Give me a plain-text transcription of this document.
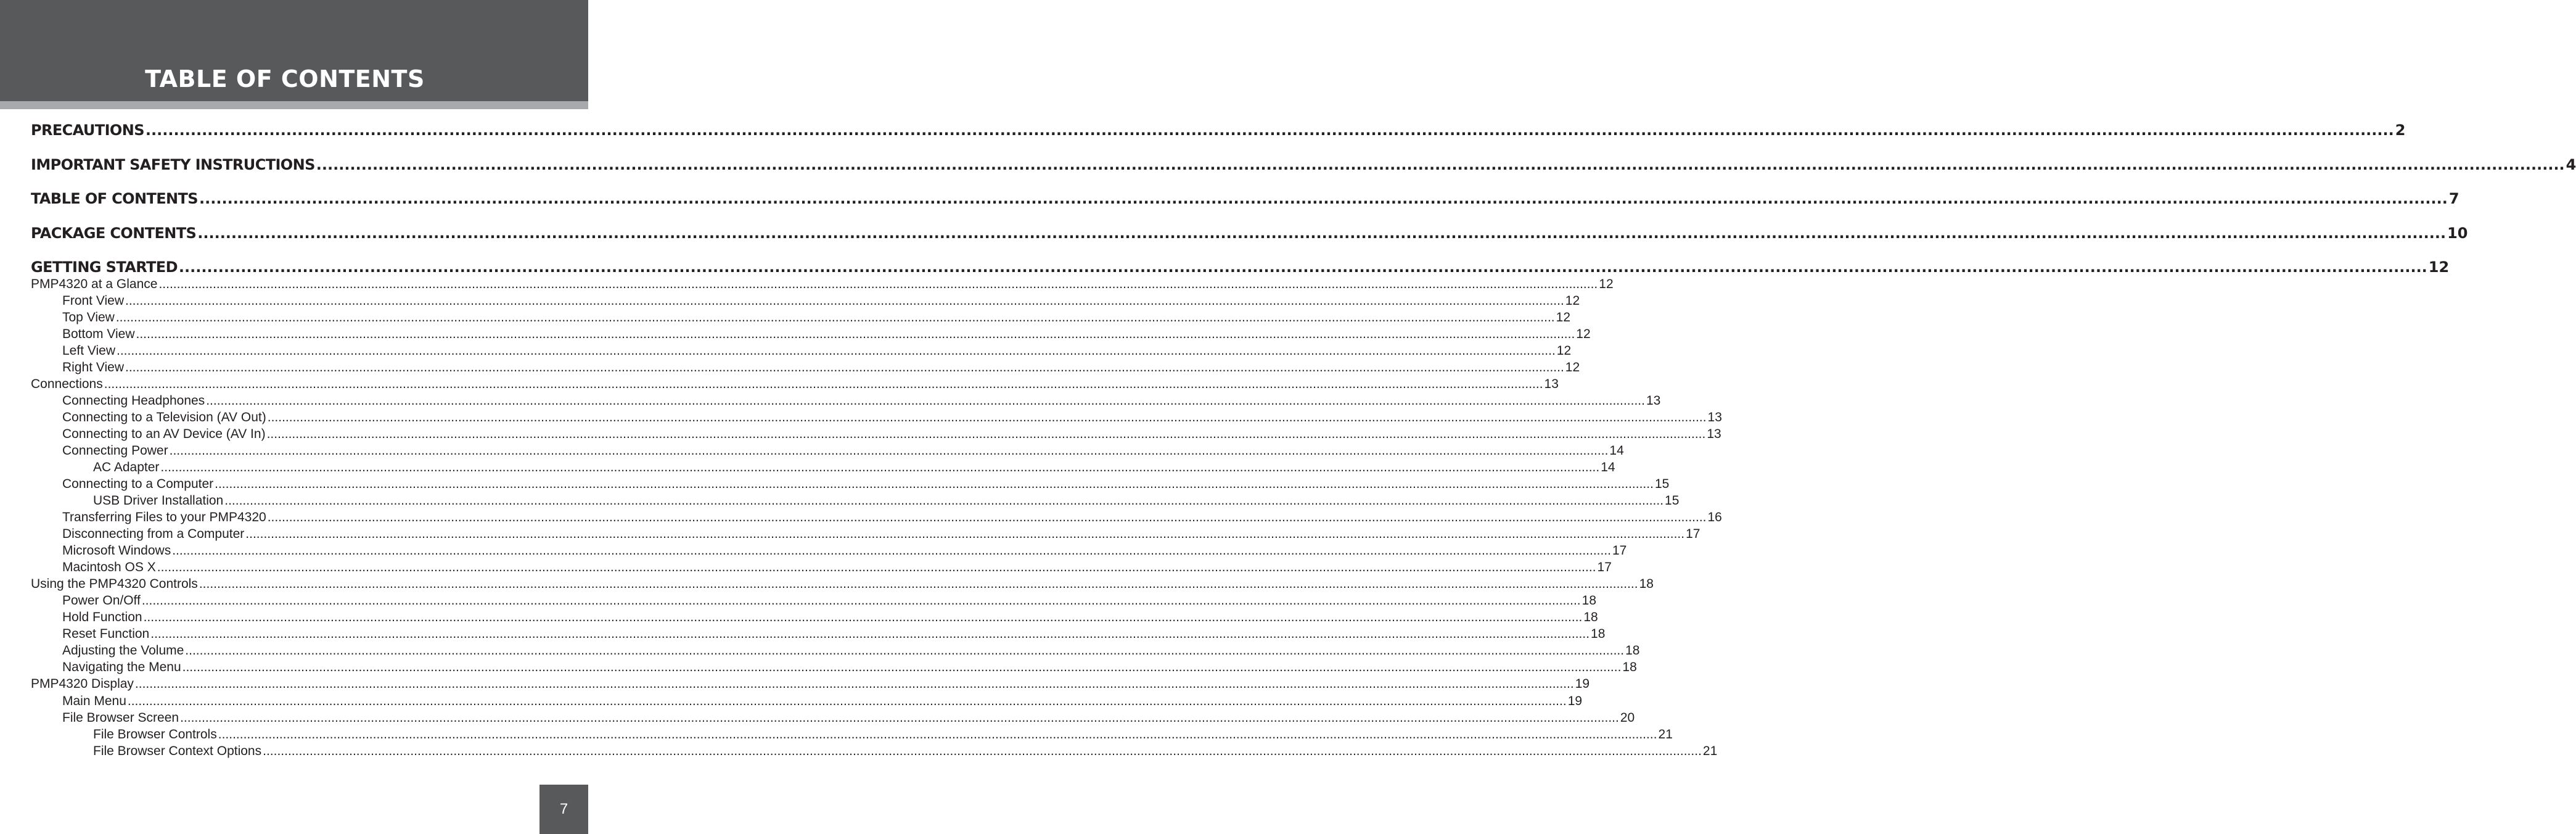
TABLE OF CONTENTS
PRECAUTIONS ................................................................................................................................................................................................................................................................................................................................................................................................................ 2
IMPORTANT SAFETY INSTRUCTIONS ................................................................................................................................................................................................................................................................................................................................................................................................................ 4
TABLE OF CONTENTS ................................................................................................................................................................................................................................................................................................................................................................................................................ 7
PACKAGE CONTENTS ................................................................................................................................................................................................................................................................................................................................................................................................................ 10
GETTING STARTED ................................................................................................................................................................................................................................................................................................................................................................................................................ 12
PMP4320 at a Glance ................................................................................................................................................................................................................................................................................................................................................................................................................ 12
Front View ................................................................................................................................................................................................................................................................................................................................................................................................................ 12
Top View ................................................................................................................................................................................................................................................................................................................................................................................................................ 12
Bottom View ................................................................................................................................................................................................................................................................................................................................................................................................................ 12
Left View ................................................................................................................................................................................................................................................................................................................................................................................................................ 12
Right View ................................................................................................................................................................................................................................................................................................................................................................................................................ 12
Connections ................................................................................................................................................................................................................................................................................................................................................................................................................ 13
Connecting Headphones ................................................................................................................................................................................................................................................................................................................................................................................................................ 13
Connecting to a Television (AV Out) ................................................................................................................................................................................................................................................................................................................................................................................................................ 13
Connecting to an AV Device (AV In) ................................................................................................................................................................................................................................................................................................................................................................................................................ 13
Connecting Power ................................................................................................................................................................................................................................................................................................................................................................................................................ 14
AC Adapter ................................................................................................................................................................................................................................................................................................................................................................................................................ 14
Connecting to a Computer ................................................................................................................................................................................................................................................................................................................................................................................................................ 15
USB Driver Installation ................................................................................................................................................................................................................................................................................................................................................................................................................ 15
Transferring Files to your PMP4320 ................................................................................................................................................................................................................................................................................................................................................................................................................ 16
Disconnecting from a Computer ................................................................................................................................................................................................................................................................................................................................................................................................................ 17
Microsoft Windows ................................................................................................................................................................................................................................................................................................................................................................................................................ 17
Macintosh OS X ................................................................................................................................................................................................................................................................................................................................................................................................................ 17
Using the PMP4320 Controls ................................................................................................................................................................................................................................................................................................................................................................................................................ 18
Power On/Off ................................................................................................................................................................................................................................................................................................................................................................................................................ 18
Hold Function ................................................................................................................................................................................................................................................................................................................................................................................................................ 18
Reset Function ................................................................................................................................................................................................................................................................................................................................................................................................................ 18
Adjusting the Volume ................................................................................................................................................................................................................................................................................................................................................................................................................ 18
Navigating the Menu ................................................................................................................................................................................................................................................................................................................................................................................................................ 18
PMP4320 Display ................................................................................................................................................................................................................................................................................................................................................................................................................ 19
Main Menu ................................................................................................................................................................................................................................................................................................................................................................................................................ 19
File Browser Screen ................................................................................................................................................................................................................................................................................................................................................................................................................ 20
File Browser Controls ................................................................................................................................................................................................................................................................................................................................................................................................................ 21
File Browser Context Options ................................................................................................................................................................................................................................................................................................................................................................................................................ 21
7
